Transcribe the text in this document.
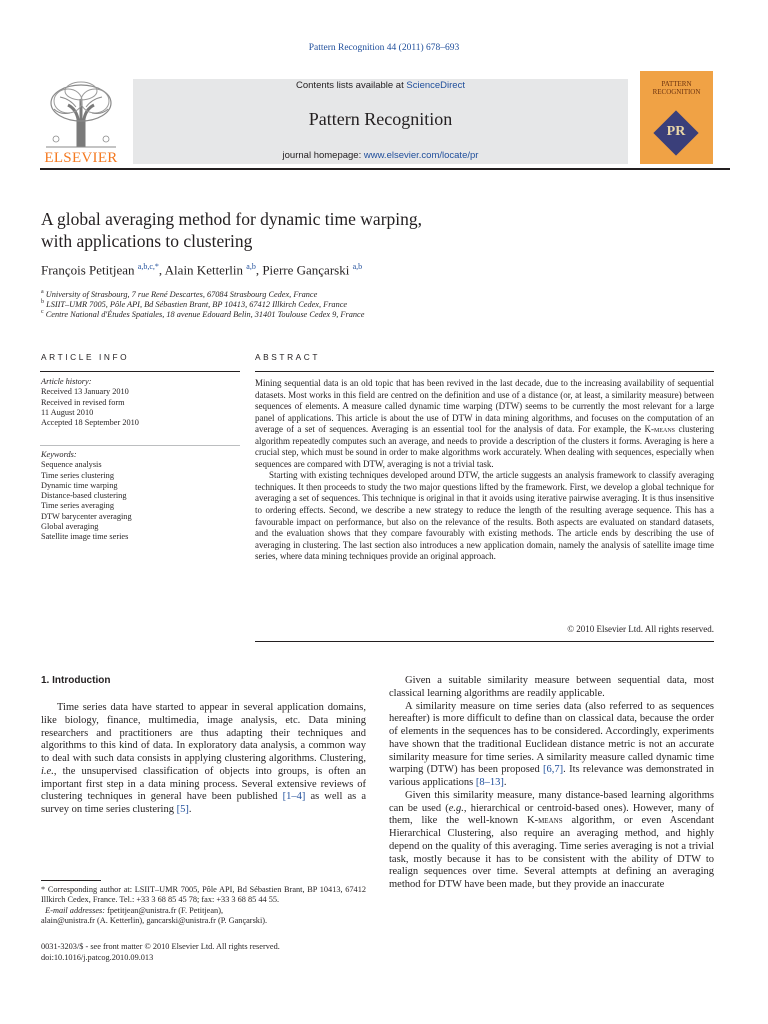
Pattern Recognition 44 (2011) 678–693
ELSEVIER
Contents lists available at ScienceDirect
Pattern Recognition
journal homepage: www.elsevier.com/locate/pr
PATTERN
RECOGNITION
PR
A global averaging method for dynamic time warping,
with applications to clustering
François Petitjean $^{a,b,c,*}$, Alain Ketterlin $^{a,b}$, Pierre Gançarski $^{a,b}$
$^a$ University of Strasbourg, 7 rue René Descartes, 67084 Strasbourg Cedex, France
$^b$ LSIIT–UMR 7005, Pôle API, Bd Sébastien Brant, BP 10413, 67412 Illkirch Cedex, France
$^c$ Centre National d'Études Spatiales, 18 avenue Edouard Belin, 31401 Toulouse Cedex 9, France
ARTICLE INFO	ABSTRACT
Article history:
Received 13 January 2010
Received in revised form
11 August 2010
Accepted 18 September 2010
Keywords:
Sequence analysis
Time series clustering
Dynamic time warping
Distance-based clustering
Time series averaging
DTW barycenter averaging
Global averaging
Satellite image time series

Mining sequential data is an old topic that has been revived in the last decade, due to the increasing availability of sequential datasets. Most works in this field are centred on the definition and use of a distance (or, at least, a similarity measure) between sequences of elements. A measure called dynamic time warping (DTW) seems to be currently the most relevant for a large panel of applications. This article is about the use of DTW in data mining algorithms, and focuses on the computation of an average of a set of sequences. Averaging is an essential tool for the analysis of data. For example, the K-means clustering algorithm repeatedly computes such an average, and needs to provide a description of the clusters it forms. Averaging is here a crucial step, which must be sound in order to make algorithms work accurately. When dealing with sequences, especially when sequences are compared with DTW, averaging is not a trivial task.

Starting with existing techniques developed around DTW, the article suggests an analysis framework to classify averaging techniques. It then proceeds to study the two major questions lifted by the framework. First, we develop a global technique for averaging a set of sequences. This technique is original in that it avoids using iterative pairwise averaging. It is thus insensitive to ordering effects. Second, we describe a new strategy to reduce the length of the resulting average sequence. This has a favourable impact on performance, but also on the relevance of the results. Both aspects are evaluated on standard datasets, and the evaluation shows that they compare favourably with existing methods. The article ends by describing the use of averaging in clustering. The last section also introduces a new application domain, namely the analysis of satellite image time series, where data mining techniques provide an original approach.

© 2010 Elsevier Ltd. All rights reserved.
1. Introduction

Time series data have started to appear in several application domains, like biology, finance, multimedia, image analysis, etc. Data mining researchers and practitioners are thus adapting their techniques and algorithms to this kind of data. In exploratory data analysis, a common way to deal with such data consists in applying clustering algorithms. Clustering, i.e., the unsupervised classification of objects into groups, is often an important first step in a data mining process. Several extensive reviews of clustering techniques in general have been published [1–4] as well as a survey on time series clustering [5].

Given a suitable similarity measure between sequential data, most classical learning algorithms are readily applicable.

A similarity measure on time series data (also referred to as sequences hereafter) is more difficult to define than on classical data, because the order of elements in the sequences has to be considered. Accordingly, experiments have shown that the traditional Euclidean distance metric is not an accurate similarity measure for time series. A similarity measure called dynamic time warping (DTW) has been proposed [6,7]. Its relevance was demonstrated in various applications [8–13].

Given this similarity measure, many distance-based learning algorithms can be used (e.g., hierarchical or centroid-based ones). However, many of them, like the well-known K-means algorithm, or even Ascendant Hierarchical Clustering, also require an averaging method, and highly depend on the quality of this averaging. Time series averaging is not a trivial task, mostly because it has to be consistent with the ability of DTW to realign sequences over time. Several attempts at defining an averaging method for DTW have been made, but they provide an inaccurate

* Corresponding author at: LSIIT–UMR 7005, Pôle API, Bd Sébastien Brant, BP 10413, 67412 Illkirch Cedex, France. Tel.: +33 3 68 85 45 78; fax: +33 3 68 85 44 55.
E-mail addresses: fpetitjean@unistra.fr (F. Petitjean),
alain@unistra.fr (A. Ketterlin), gancarski@unistra.fr (P. Gançarski).
0031-3203/$ - see front matter © 2010 Elsevier Ltd. All rights reserved.
doi:10.1016/j.patcog.2010.09.013
